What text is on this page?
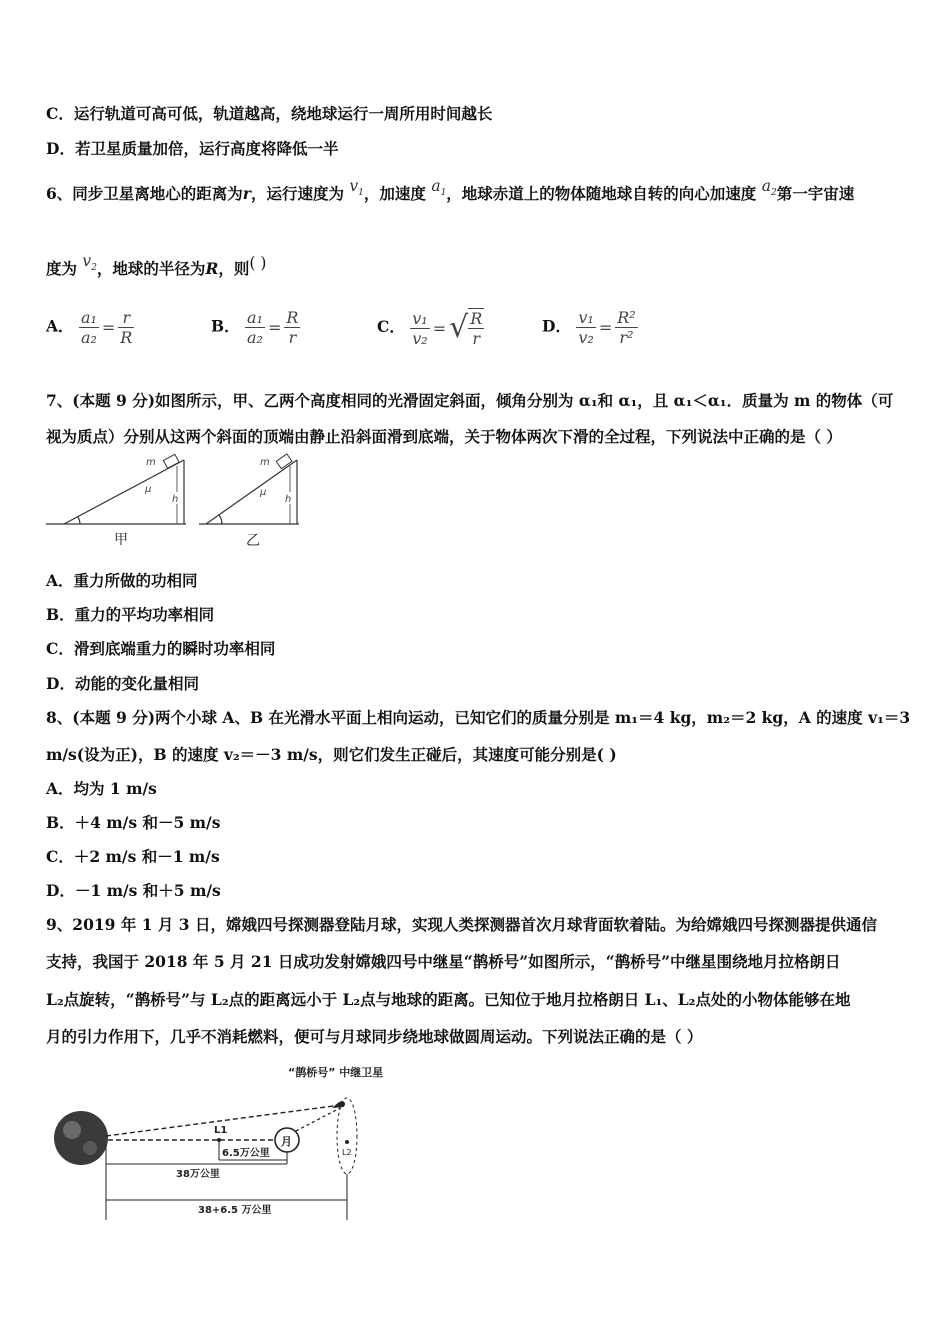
C．运行轨道可高可低，轨道越高，绕地球运行一周所用时间越长
D．若卫星质量加倍，运行高度将降低一半
6、同步卫星离地心的距离为r，运行速度为 $v_1$，加速度 $a_1$，地球赤道上的物体随地球自转的向心加速度 $a_2$第一宇宙速
度为 $v_2$，地球的半径为R，则( )
A． $\frac{\text{a₁}}{\text{a₂}} = \frac{r}{R}$	B． $\frac{\text{a₁}}{\text{a₂}} = \frac{R}{r}$	C． $\frac{\text{v₁}}{\text{v₂}}$ = √ $\frac{R}{r}$	D． $\frac{\text{v₁}}{\text{v₂}} = \frac{\text{R²}}{\text{r²}}$
7、(本题 9 分)如图所示，甲、乙两个高度相同的光滑固定斜面，倾角分别为 α₁和 α₁，且 α₁＜α₁．质量为 m 的物体（可
视为质点）分别从这两个斜面的顶端由静止沿斜面滑到底端，关于物体两次下滑的全过程，下列说法中正确的是（ ）
m
μ
h
甲
m
μ
h
乙
A．重力所做的功相同
B．重力的平均功率相同
C．滑到底端重力的瞬时功率相同
D．动能的变化量相同
8、(本题 9 分)两个小球 A、B 在光滑水平面上相向运动，已知它们的质量分别是 m₁＝4 kg，m₂＝2 kg，A 的速度 v₁＝3
m/s(设为正)，B 的速度 v₂＝－3 m/s，则它们发生正碰后，其速度可能分别是( )
A．均为 1 m/s
B．＋4 m/s 和－5 m/s
C．＋2 m/s 和－1 m/s
D．－1 m/s 和＋5 m/s
9、2019 年 1 月 3 日，嫦娥四号探测器登陆月球，实现人类探测器首次月球背面软着陆。为给嫦娥四号探测器提供通信
支持，我国于 2018 年 5 月 21 日成功发射嫦娥四号中继星“鹊桥号”如图所示，“鹊桥号”中继星围绕地月拉格朗日
L₂点旋转，“鹊桥号”与 L₂点的距离远小于 L₂点与地球的距离。已知位于地月拉格朗日 L₁、L₂点处的小物体能够在地
月的引力作用下，几乎不消耗燃料，便可与月球同步绕地球做圆周运动。下列说法正确的是（ ）
“鹊桥号” 中继卫星
月
L2
L1
6.5万公里
38万公里
38+6.5 万公里
